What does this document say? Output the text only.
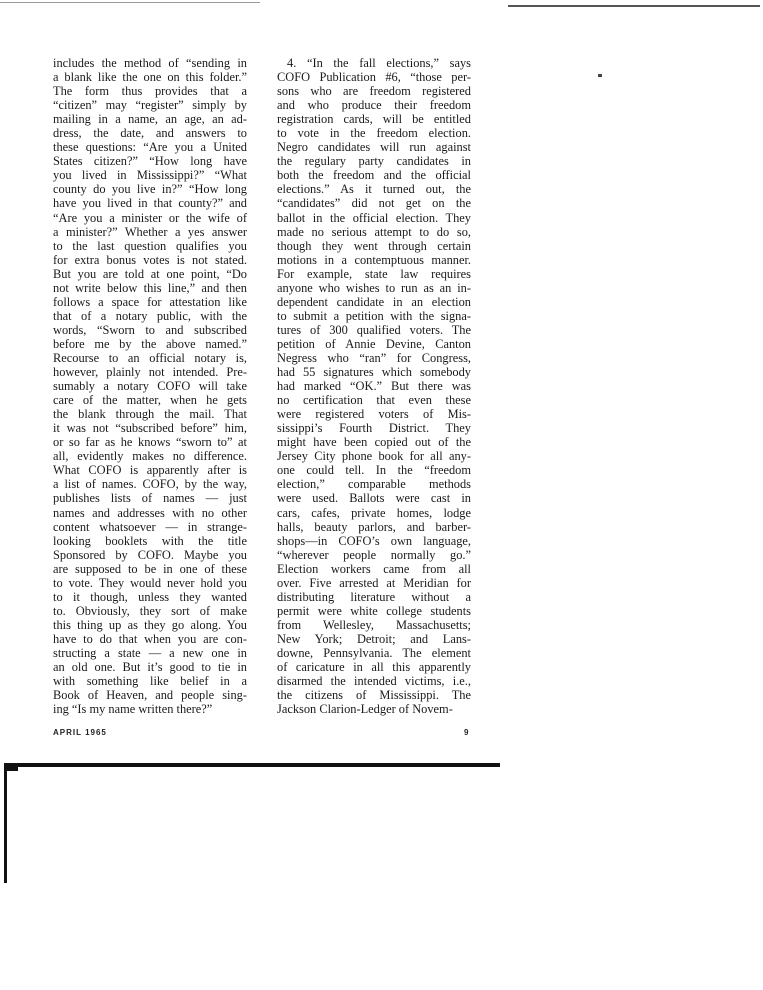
includes the method of “sending in
a blank like the one on this folder.”
The form thus provides that a
“citizen” may “register” simply by
mailing in a name, an age, an ad-
dress, the date, and answers to
these questions: “Are you a United
States citizen?” “How long have
you lived in Mississippi?” “What
county do you live in?” “How long
have you lived in that county?” and
“Are you a minister or the wife of
a minister?” Whether a yes answer
to the last question qualifies you
for extra bonus votes is not stated.
But you are told at one point, “Do
not write below this line,” and then
follows a space for attestation like
that of a notary public, with the
words, “Sworn to and subscribed
before me by the above named.”
Recourse to an official notary is,
however, plainly not intended. Pre-
sumably a notary COFO will take
care of the matter, when he gets
the blank through the mail. That
it was not “subscribed before” him,
or so far as he knows “sworn to” at
all, evidently makes no difference.
What COFO is apparently after is
a list of names. COFO, by the way,
publishes lists of names — just
names and addresses with no other
content whatsoever — in strange-
looking booklets with the title
Sponsored by COFO. Maybe you
are supposed to be in one of these
to vote. They would never hold you
to it though, unless they wanted
to. Obviously, they sort of make
this thing up as they go along. You
have to do that when you are con-
structing a state — a new one in
an old one. But it’s good to tie in
with something like belief in a
Book of Heaven, and people sing-
ing “Is my name written there?”
4. “In the fall elections,” says
COFO Publication #6, “those per-
sons who are freedom registered
and who produce their freedom
registration cards, will be entitled
to vote in the freedom election.
Negro candidates will run against
the regulary party candidates in
both the freedom and the official
elections.” As it turned out, the
“candidates” did not get on the
ballot in the official election. They
made no serious attempt to do so,
though they went through certain
motions in a contemptuous manner.
For example, state law requires
anyone who wishes to run as an in-
dependent candidate in an election
to submit a petition with the signa-
tures of 300 qualified voters. The
petition of Annie Devine, Canton
Negress who “ran” for Congress,
had 55 signatures which somebody
had marked “OK.” But there was
no certification that even these
were registered voters of Mis-
sissippi’s Fourth District. They
might have been copied out of the
Jersey City phone book for all any-
one could tell. In the “freedom
election,” comparable methods
were used. Ballots were cast in
cars, cafes, private homes, lodge
halls, beauty parlors, and barber-
shops—in COFO’s own language,
“wherever people normally go.”
Election workers came from all
over. Five arrested at Meridian for
distributing literature without a
permit were white college students
from Wellesley, Massachusetts;
New York; Detroit; and Lans-
downe, Pennsylvania. The element
of caricature in all this apparently
disarmed the intended victims, i.e.,
the citizens of Mississippi. The
Jackson Clarion-Ledger of Novem-
APRIL 1965	9
